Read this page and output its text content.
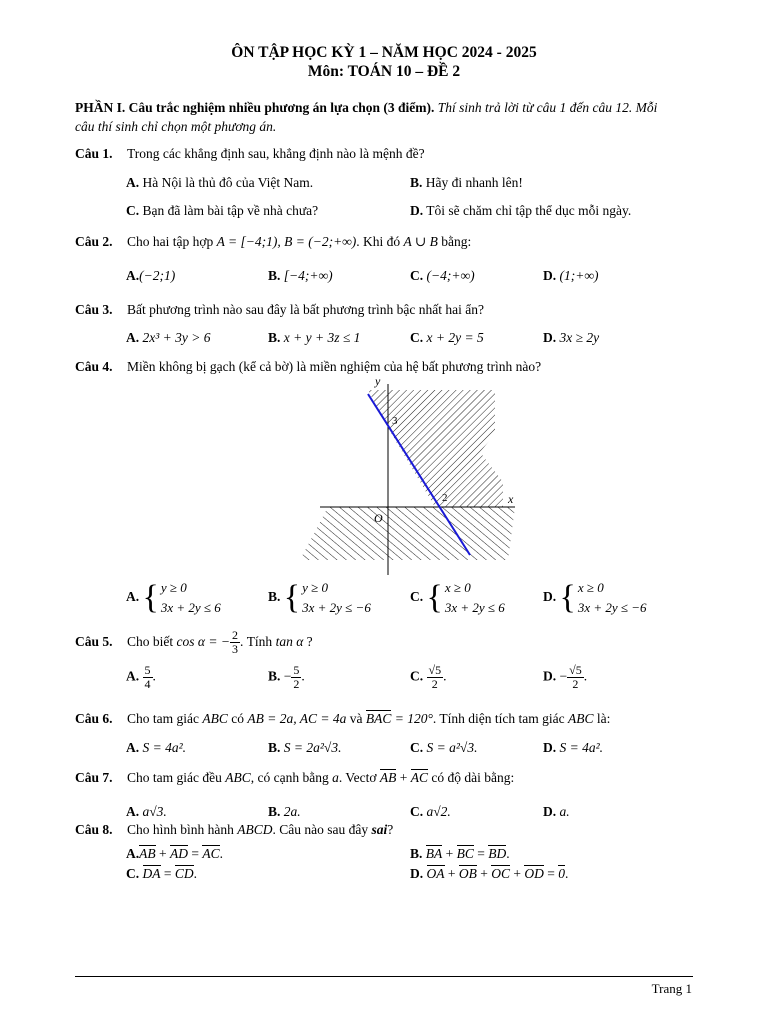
ÔN TẬP HỌC KỲ 1 – NĂM HỌC 2024 - 2025
Môn: TOÁN 10 – ĐỀ 2
PHẦN I. Câu trắc nghiệm nhiều phương án lựa chọn (3 điểm). Thí sinh trả lời từ câu 1 đến câu 12. Mỗi
câu thí sinh chỉ chọn một phương án.
Câu 1. Trong các khẳng định sau, khẳng định nào là mệnh đề?
A. Hà Nội là thủ đô của Việt Nam.	B. Hãy đi nhanh lên!
C. Bạn đã làm bài tập về nhà chưa?	D. Tôi sẽ chăm chỉ tập thể dục mỗi ngày.
Câu 2. Cho hai tập hợp A = [−4;1), B = (−2;+∞). Khi đó A ∪ B bằng:
A.(−2;1)	B. [−4;+∞)	C. (−4;+∞)	D. (1;+∞)
Câu 3. Bất phương trình nào sau đây là bất phương trình bậc nhất hai ẩn?
A. 2x³ + 3y > 6	B. x + y + 3z ≤ 1	C. x + 2y = 5	D. 3x ≥ 2y
Câu 4. Miền không bị gạch (kể cả bờ) là miền nghiệm của hệ bất phương trình nào?
y
x
O
3
2
A. { y ≥ 0
3x + 2y ≤ 6
B. { y ≥ 0
3x + 2y ≤ −6
C. { x ≥ 0
3x + 2y ≤ 6
D. { x ≥ 0
3x + 2y ≤ −6
Câu 5. Cho biết cos α = − $\frac{2}{3}$ . Tính tan α ?
A. $\frac{5}{4}$ .	B. − $\frac{5}{2}$ .	C. $\frac{√5}{2}$ .	D. − $\frac{√5}{2}$ .
Câu 6. Cho tam giác ABC có AB = 2a, AC = 4a và BAC = 120°. Tính diện tích tam giác ABC là:
A. S = 4a².	B. S = 2a²√3.	C. S = a²√3.	D. S = 4a².
Câu 7. Cho tam giác đều ABC, có cạnh bằng a. Vectơ AB + AC có độ dài bằng:
A. a√3.	B. 2a.	C. a√2.	D. a.
Câu 8. Cho hình bình hành ABCD. Câu nào sau đây sai?
A.AB + AD = AC.	B. BA + BC = BD.
C. DA = CD.	D. OA + OB + OC + OD = 0.
Trang 1
